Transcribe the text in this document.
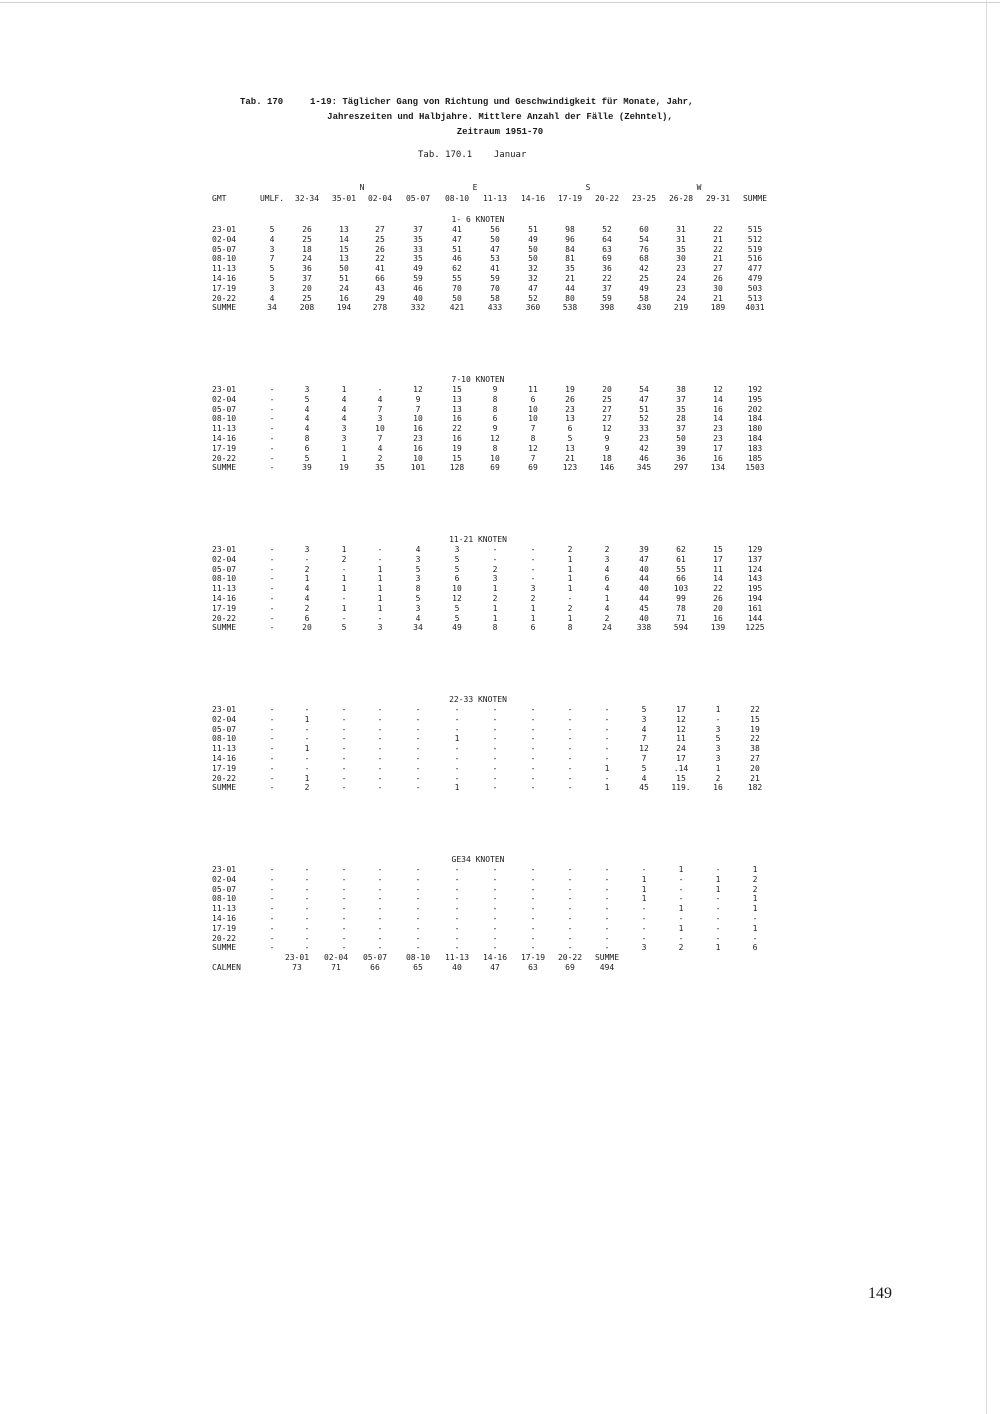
Tab. 170	1-19: Täglicher Gang von Richtung und Geschwindigkeit für Monate, Jahr,
Jahreszeiten und Halbjahre. Mittlere Anzahl der Fälle (Zehntel),
Zeitraum 1951-70
Tab. 170.1    Januar
N	E	S	W
GMT	UMLF.	32-34	35-01	02-04	05-07	08-10	11-13	14-16	17-19	20-22	23-25	26-28	29-31	SUMME
1- 6 KNOTEN
23-01	5	26	13	27	37	41	56	51	98	52	60	31	22	515
02-04	4	25	14	25	35	47	50	49	96	64	54	31	21	512
05-07	3	18	15	26	33	51	47	50	84	63	76	35	22	519
08-10	7	24	13	22	35	46	53	50	81	69	68	30	21	516
11-13	5	36	50	41	49	62	41	32	35	36	42	23	27	477
14-16	5	37	51	66	59	55	59	32	21	22	25	24	26	479
17-19	3	20	24	43	46	70	70	47	44	37	49	23	30	503
20-22	4	25	16	29	40	50	58	52	80	59	58	24	21	513
SUMME	34	208	194	278	332	421	433	360	538	398	430	219	189	4031
7-10 KNOTEN
23-01	-	3	1	-	12	15	9	11	19	20	54	38	12	192
02-04	-	5	4	4	9	13	8	6	26	25	47	37	14	195
05-07	-	4	4	7	7	13	8	10	23	27	51	35	16	202
08-10	-	4	4	3	10	16	6	10	13	27	52	28	14	184
11-13	-	4	3	10	16	22	9	7	6	12	33	37	23	180
14-16	-	8	3	7	23	16	12	8	5	9	23	50	23	184
17-19	-	6	1	4	16	19	8	12	13	9	42	39	17	183
20-22	-	5	1	2	10	15	10	7	21	18	46	36	16	185
SUMME	-	39	19	35	101	128	69	69	123	146	345	297	134	1503
11-21 KNOTEN
23-01	-	3	1	-	4	3	-	-	2	2	39	62	15	129
02-04	-	-	2	-	3	5	-	-	1	3	47	61	17	137
05-07	-	2	-	1	5	5	2	-	1	4	40	55	11	124
08-10	-	1	1	1	3	6	3	-	1	6	44	66	14	143
11-13	-	4	1	1	8	10	1	3	1	4	40	103	22	195
14-16	-	4	-	1	5	12	2	2	-	1	44	99	26	194
17-19	-	2	1	1	3	5	1	1	2	4	45	78	20	161
20-22	-	6	-	-	4	5	1	1	1	2	40	71	16	144
SUMME	-	20	5	3	34	49	8	6	8	24	338	594	139	1225
22-33 KNOTEN
23-01	-	-	-	-	-	-	-	-	-	-	5	17	1	22
02-04	-	1	-	-	-	-	-	-	-	-	3	12	-	15
05-07	-	-	-	-	-	-	-	-	-	-	4	12	3	19
08-10	-	-	-	-	-	1	-	-	-	-	7	11	5	22
11-13	-	1	-	-	-	-	-	-	-	-	12	24	3	38
14-16	-	-	-	-	-	-	-	-	-	-	7	17	3	27
17-19	-	-	-	-	-	-	-	-	-	1	5	.14	1	20
20-22	-	1	-	-	-	-	-	-	-	-	4	15	2	21
SUMME	-	2	-	-	-	1	-	-	-	1	45	119.	16	182
GE34 KNOTEN
23-01	-	-	-	-	-	-	-	-	-	-	-	1	-	1
02-04	-	-	-	-	-	-	-	-	-	-	1	-	1	2
05-07	-	-	-	-	-	-	-	-	-	-	1	-	1	2
08-10	-	-	-	-	-	-	-	-	-	-	1	-	-	1
11-13	-	-	-	-	-	-	-	-	-	-	-	1	-	1
14-16	-	-	-	-	-	-	-	-	-	-	-	-	-	-
17-19	-	-	-	-	-	-	-	-	-	-	-	1	-	1
20-22	-	-	-	-	-	-	-	-	-	-	-	-	-	-
SUMME	-	-	-	-	-	-	-	-	-	-	3	2	1	6
23-01	02-04	05-07	08-10	11-13	14-16	17-19	20-22	SUMME
CALMEN	73	71	66	65	40	47	63	69	494
149
